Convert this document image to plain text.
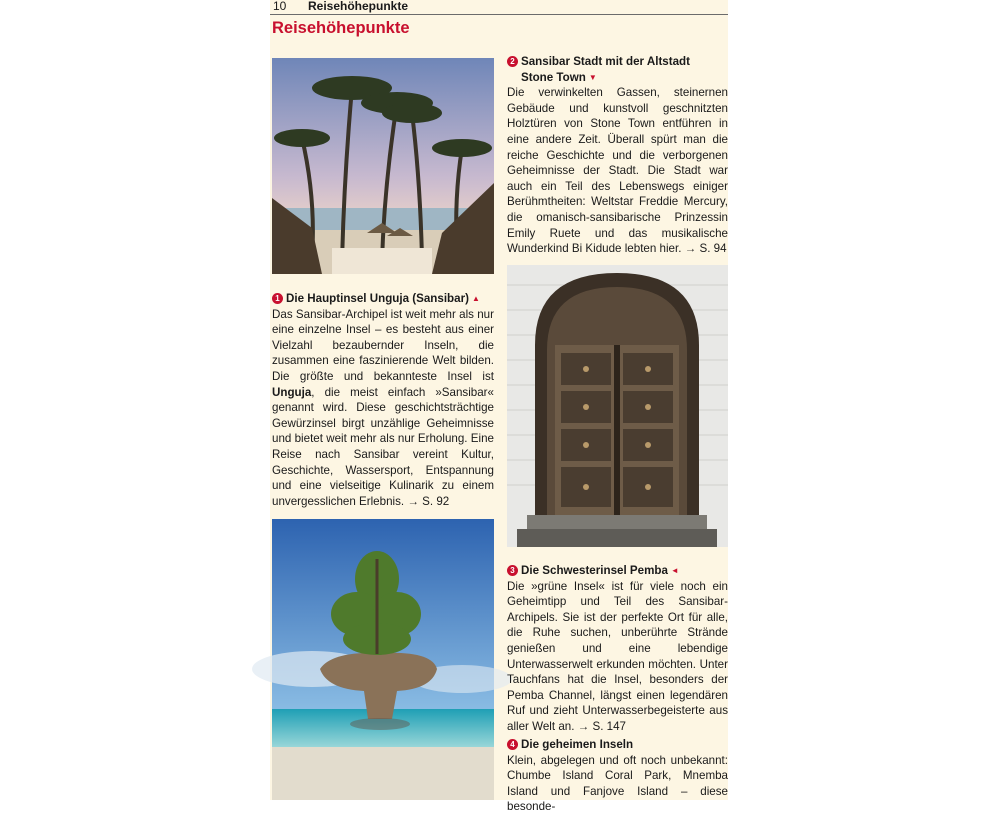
10 Reisehöhepunkte
Reisehöhepunkte
1 Die Hauptinsel Unguja (Sansibar) ▲
Das Sansibar-Archipel ist weit mehr als nur eine einzelne Insel – es besteht aus einer Vielzahl bezaubernder Inseln, die zusammen eine faszinierende Welt bilden. Die größte und bekannteste Insel ist Unguja, die meist einfach »Sansibar« genannt wird. Diese geschichtsträchtige Gewürzinsel birgt unzählige Geheimnisse und bietet weit mehr als nur Erholung. Eine Reise nach Sansibar vereint Kultur, Geschichte, Wassersport, Entspannung und eine vielseitige Kulinarik zu einem unvergesslichen Erlebnis. → S. 92
2 Sansibar Stadt mit der Altstadt
Stone Town ▼
Die verwinkelten Gassen, steinernen Gebäude und kunstvoll geschnitzten Holztüren von Stone Town entführen in eine andere Zeit. Überall spürt man die reiche Geschichte und die verborgenen Geheimnisse der Stadt. Die Stadt war auch ein Teil des Lebenswegs einiger Berühmtheiten: Weltstar Freddie Mercury, die omanisch-sansibarische Prinzessin Emily Ruete und das musikalische Wunderkind Bi Kidude lebten hier. → S. 94
3 Die Schwesterinsel Pemba ◄
Die »grüne Insel« ist für viele noch ein Geheimtipp und Teil des Sansibar-Archipels. Sie ist der perfekte Ort für alle, die Ruhe suchen, unberührte Strände genießen und eine lebendige Unterwasserwelt erkunden möchten. Unter Tauchfans hat die Insel, besonders der Pemba Channel, längst einen legendären Ruf und zieht Unterwasserbegeisterte aus aller Welt an. → S. 147
4 Die geheimen Inseln
Klein, abgelegen und oft noch unbekannt: Chumbe Island Coral Park, Mnemba Island und Fanjove Island – diese besonde-
